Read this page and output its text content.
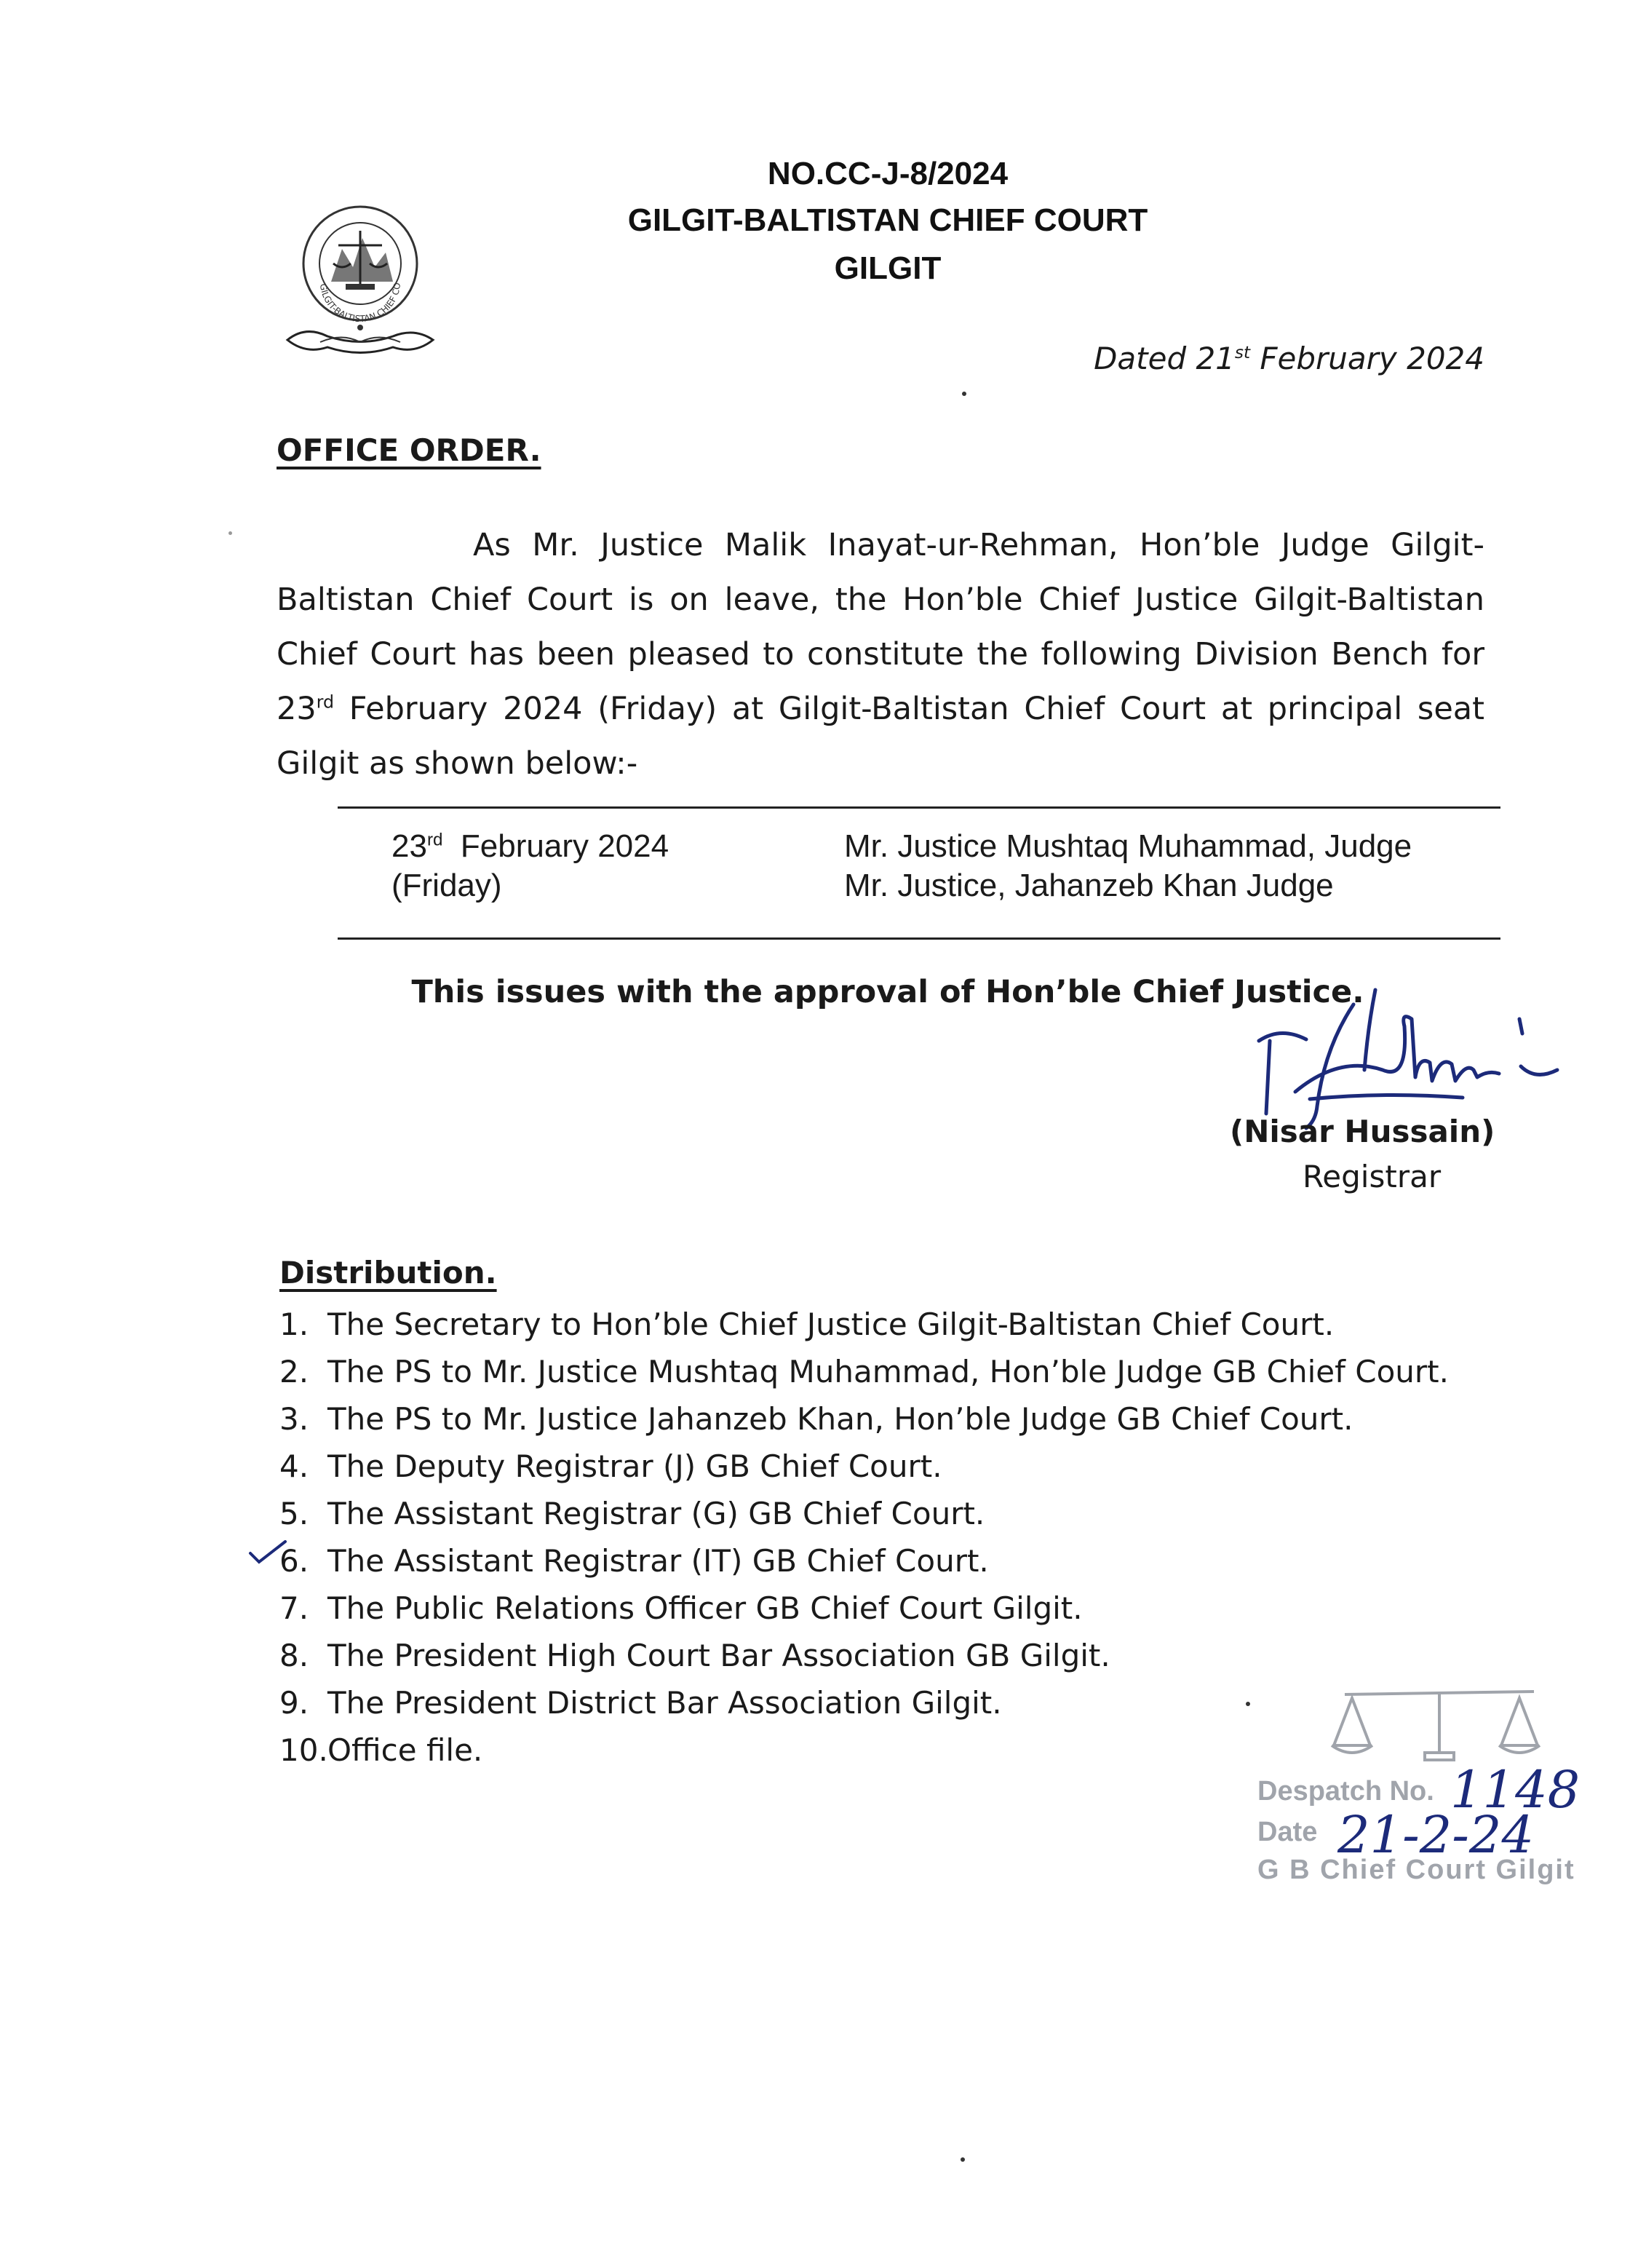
GILGIT-BALTISTAN CHIEF CO
NO.CC-J-8/2024
GILGIT-BALTISTAN CHIEF COURT
GILGIT
Dated 21st February 2024
OFFICE ORDER.
As Mr. Justice Malik Inayat-ur-Rehman, Hon’ble Judge Gilgit-Baltistan Chief Court is on leave, the Hon’ble Chief Justice Gilgit-Baltistan Chief Court has been pleased to constitute the following Division Bench for 23rd February 2024 (Friday) at Gilgit-Baltistan Chief Court at principal seat Gilgit as shown below:-
23rd  February 2024
(Friday)
Mr. Justice Mushtaq Muhammad, Judge
Mr. Justice, Jahanzeb Khan Judge
This issues with the approval of Hon’ble Chief Justice.
(Nisar Hussain)
Registrar
Distribution.
1. The Secretary to Hon’ble Chief Justice Gilgit-Baltistan Chief Court.
2. The PS to Mr. Justice Mushtaq Muhammad, Hon’ble Judge GB Chief Court.
3. The PS to Mr. Justice Jahanzeb Khan, Hon’ble Judge GB Chief Court.
4. The Deputy Registrar (J) GB Chief Court.
5. The Assistant Registrar (G) GB Chief Court.
6. The Assistant Registrar (IT) GB Chief Court.
7. The Public Relations Officer GB Chief Court Gilgit.
8. The President High Court Bar Association GB Gilgit.
9. The President District Bar Association Gilgit.
10.Office file.
Despatch No.
Date
G B Chief Court Gilgit
1148
21-2-24
